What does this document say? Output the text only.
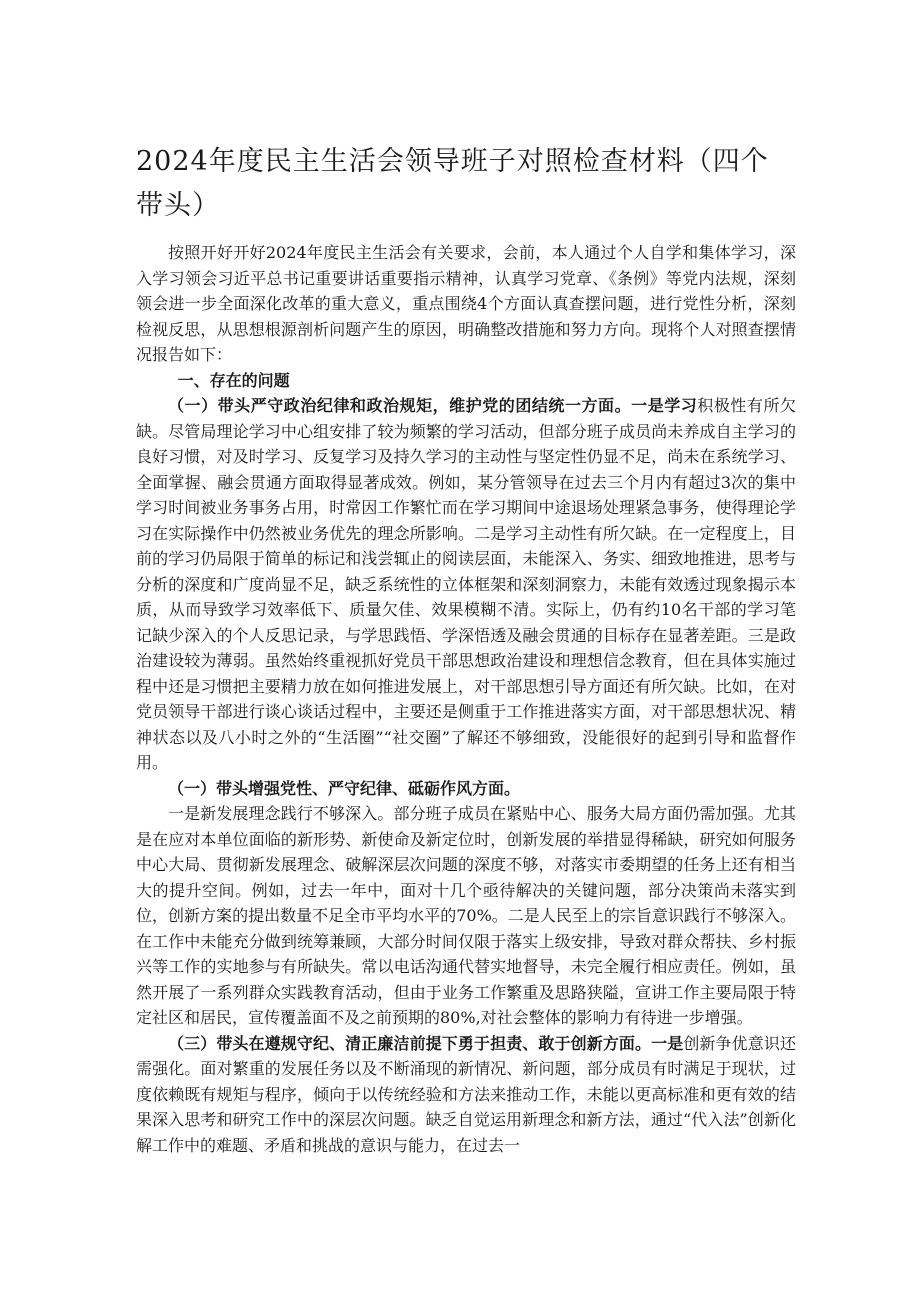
2024年度民主生活会领导班子对照检查材料（四个带头）

按照开好开好2024年度民主生活会有关要求，会前，本人通过个人自学和集体学习，深入学习领会习近平总书记重要讲话重要指示精神，认真学习党章、《条例》等党内法规，深刻领会进一步全面深化改革的重大意义，重点围绕4个方面认真查摆问题，进行党性分析，深刻检视反思，从思想根源剖析问题产生的原因，明确整改措施和努力方向。现将个人对照查摆情况报告如下：

一、存在的问题

（一）带头严守政治纪律和政治规矩，维护党的团结统一方面。一是学习积极性有所欠缺。尽管局理论学习中心组安排了较为频繁的学习活动，但部分班子成员尚未养成自主学习的良好习惯，对及时学习、反复学习及持久学习的主动性与坚定性仍显不足，尚未在系统学习、全面掌握、融会贯通方面取得显著成效。例如，某分管领导在过去三个月内有超过3次的集中学习时间被业务事务占用，时常因工作繁忙而在学习期间中途退场处理紧急事务，使得理论学习在实际操作中仍然被业务优先的理念所影响。二是学习主动性有所欠缺。在一定程度上，目前的学习仍局限于简单的标记和浅尝辄止的阅读层面，未能深入、务实、细致地推进，思考与分析的深度和广度尚显不足，缺乏系统性的立体框架和深刻洞察力，未能有效透过现象揭示本质，从而导致学习效率低下、质量欠佳、效果模糊不清。实际上，仍有约10名干部的学习笔记缺少深入的个人反思记录，与学思践悟、学深悟透及融会贯通的目标存在显著差距。三是政治建设较为薄弱。虽然始终重视抓好党员干部思想政治建设和理想信念教育，但在具体实施过程中还是习惯把主要精力放在如何推进发展上，对干部思想引导方面还有所欠缺。比如，在对党员领导干部进行谈心谈话过程中，主要还是侧重于工作推进落实方面，对干部思想状况、精神状态以及八小时之外的“生活圈”“社交圈”了解还不够细致，没能很好的起到引导和监督作用。

（一）带头增强党性、严守纪律、砥砺作风方面。

一是新发展理念践行不够深入。部分班子成员在紧贴中心、服务大局方面仍需加强。尤其是在应对本单位面临的新形势、新使命及新定位时，创新发展的举措显得稀缺，研究如何服务中心大局、贯彻新发展理念、破解深层次问题的深度不够，对落实市委期望的任务上还有相当大的提升空间。例如，过去一年中，面对十几个亟待解决的关键问题，部分决策尚未落实到位，创新方案的提出数量不足全市平均水平的70%。二是人民至上的宗旨意识践行不够深入。在工作中未能充分做到统筹兼顾，大部分时间仅限于落实上级安排，导致对群众帮扶、乡村振兴等工作的实地参与有所缺失。常以电话沟通代替实地督导，未完全履行相应责任。例如，虽然开展了一系列群众实践教育活动，但由于业务工作繁重及思路狭隘，宣讲工作主要局限于特定社区和居民，宣传覆盖面不及之前预期的80%,对社会整体的影响力有待进一步增强。

（三）带头在遵规守纪、清正廉洁前提下勇于担责、敢于创新方面。一是创新争优意识还需强化。面对繁重的发展任务以及不断涌现的新情况、新问题，部分成员有时满足于现状，过度依赖既有规矩与程序，倾向于以传统经验和方法来推动工作，未能以更高标准和更有效的结果深入思考和研究工作中的深层次问题。缺乏自觉运用新理念和新方法，通过“代入法”创新化解工作中的难题、矛盾和挑战的意识与能力，在过去一
